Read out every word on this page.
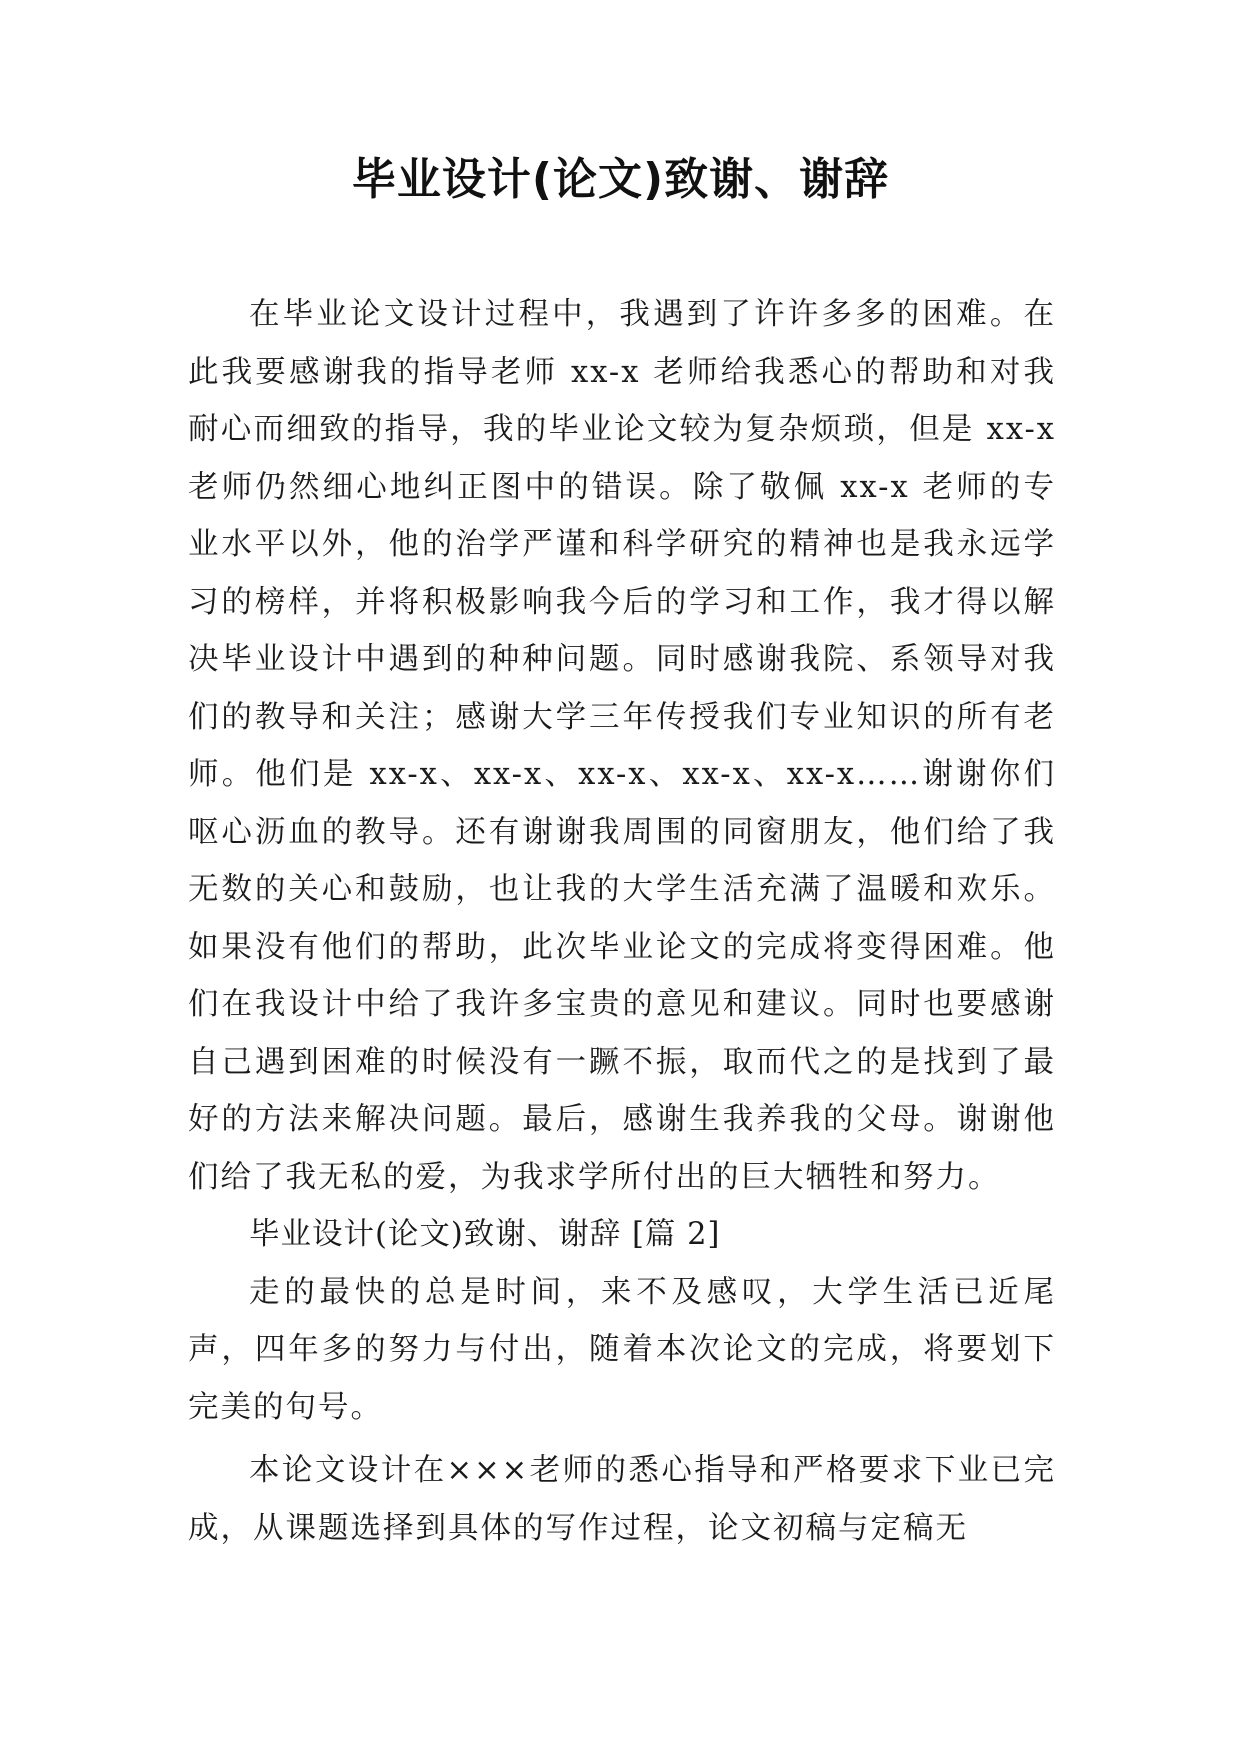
毕业设计(论文)致谢、谢辞

在毕业论文设计过程中，我遇到了许许多多的困难。在此我要感谢我的指导老师 xx-x 老师给我悉心的帮助和对我耐心而细致的指导，我的毕业论文较为复杂烦琐，但是 xx-x 老师仍然细心地纠正图中的错误。除了敬佩 xx-x 老师的专业水平以外，他的治学严谨和科学研究的精神也是我永远学习的榜样，并将积极影响我今后的学习和工作，我才得以解决毕业设计中遇到的种种问题。同时感谢我院、系领导对我们的教导和关注；感谢大学三年传授我们专业知识的所有老师。他们是 xx-x、xx-x、xx-x、xx-x、xx-x……谢谢你们呕心沥血的教导。还有谢谢我周围的同窗朋友，他们给了我无数的关心和鼓励，也让我的大学生活充满了温暖和欢乐。如果没有他们的帮助，此次毕业论文的完成将变得困难。他们在我设计中给了我许多宝贵的意见和建议。同时也要感谢自己遇到困难的时候没有一蹶不振，取而代之的是找到了最好的方法来解决问题。最后，感谢生我养我的父母。谢谢他们给了我无私的爱，为我求学所付出的巨大牺牲和努力。

毕业设计(论文)致谢、谢辞 [篇 2]

走的最快的总是时间，来不及感叹，大学生活已近尾声，四年多的努力与付出，随着本次论文的完成，将要划下完美的句号。

本论文设计在×××老师的悉心指导和严格要求下业已完成，从课题选择到具体的写作过程，论文初稿与定稿无
